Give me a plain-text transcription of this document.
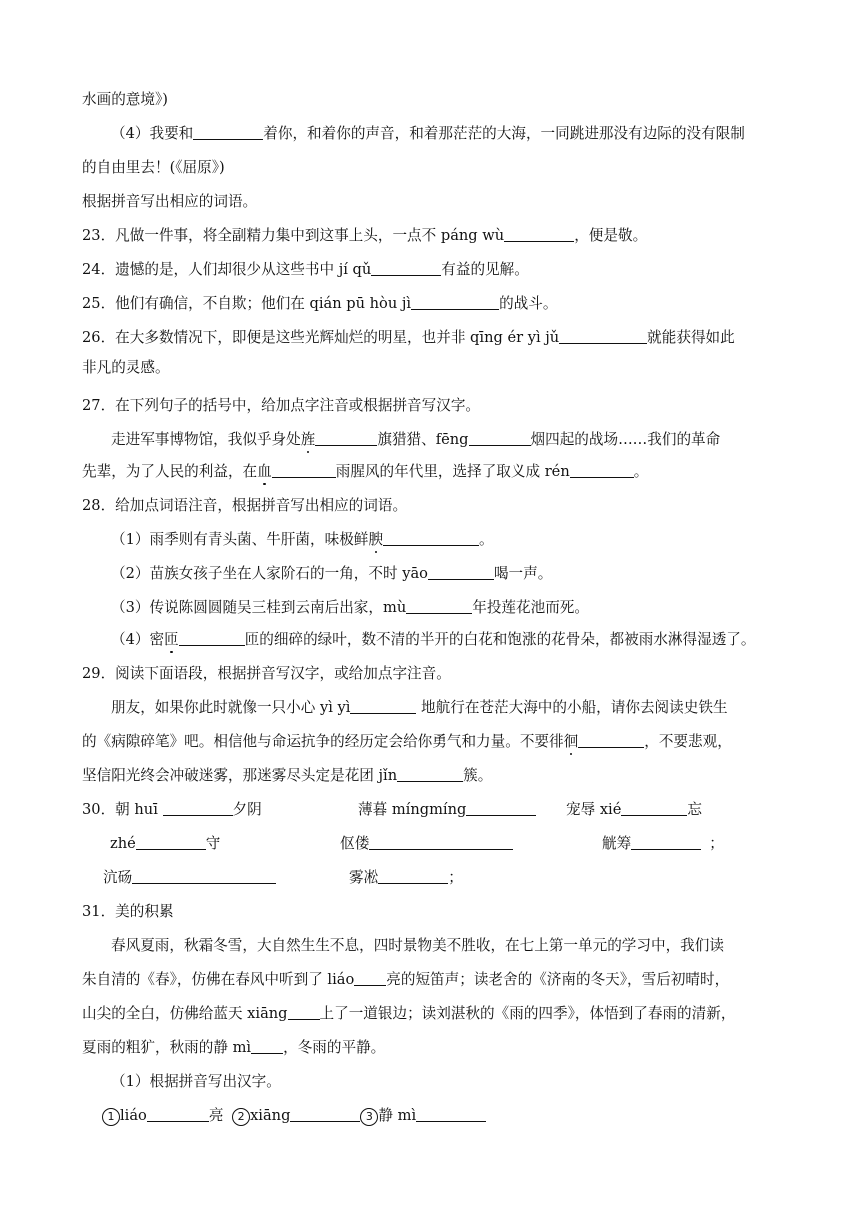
水画的意境》)
（4）我要和	着你，和着你的声音，和着那茫茫的大海，一同跳进那没有边际的没有限制
的自由里去！(《屈原》)
根据拼音写出相应的词语。
23．凡做一件事，将全副精力集中到这事上头，一点不 páng wù	，便是敬。
24．遗憾的是，人们却很少从这些书中 jí qǔ	有益的见解。
25．他们有确信，不自欺；他们在 qián pū hòu jì	的战斗。
26．在大多数情况下，即便是这些光辉灿烂的明星，也并非 qīng ér yì jǔ	就能获得如此
非凡的灵感。
27．在下列句子的括号中，给加点字注音或根据拼音写汉字。
走进军事博物馆，我似乎身处旌	旗猎猎、fēng	烟四起的战场……我们的革命
先辈，为了人民的利益，在血	雨腥风的年代里，选择了取义成 rén	。
28．给加点词语注音，根据拼音写出相应的词语。
（1）雨季则有青头菌、牛肝菌，味极鲜腴	。
（2）苗族女孩子坐在人家阶石的一角，不时 yāo	喝一声。
（3）传说陈圆圆随吴三桂到云南后出家，mù	年投莲花池而死。
（4）密匝	匝的细碎的绿叶，数不清的半开的白花和饱涨的花骨朵，都被雨水淋得湿透了。
29．阅读下面语段，根据拼音写汉字，或给加点字注音。
朋友，如果你此时就像一只小心 yì yì	地航行在苍茫大海中的小船，请你去阅读史铁生
的《病隙碎笔》吧。相信他与命运抗争的经历定会给你勇气和力量。不要徘徊	，不要悲观，
坚信阳光终会冲破迷雾，那迷雾尽头定是花团 jǐn	簇。
30．朝 huī	夕阴	薄暮 míngmíng	宠辱 xié	忘
zhé	守	伛偻	觥筹	；
沆砀	雾凇	；
31．美的积累
春风夏雨，秋霜冬雪，大自然生生不息，四时景物美不胜收，在七上第一单元的学习中，我们读
朱自清的《春》，仿佛在春风中听到了 liáo 亮的短笛声；读老舍的《济南的冬天》，雪后初晴时，
山尖的全白，仿佛给蓝天 xiāng 上了一道银边；读刘湛秋的《雨的四季》，体悟到了春雨的清新，
夏雨的粗犷，秋雨的静 mì ，冬雨的平静。
（1）根据拼音写出汉字。
1 liáo	亮 2 xiāng	3 静 mì
